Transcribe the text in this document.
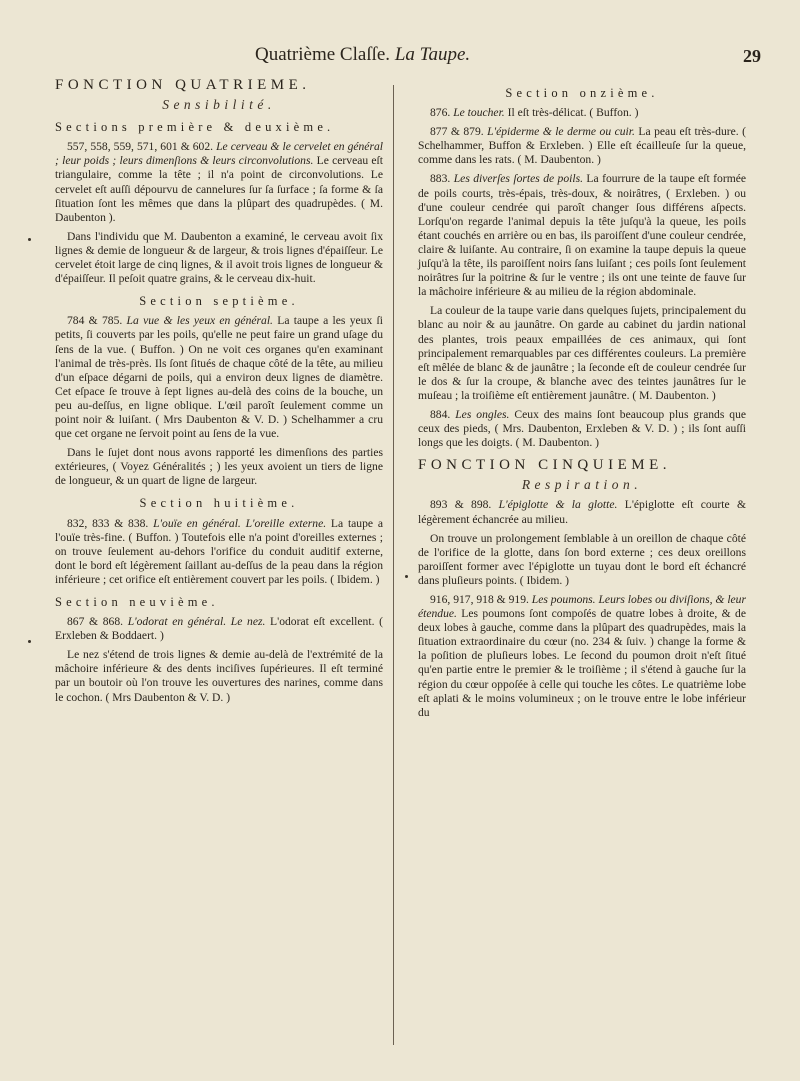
Quatrième Claſſe. La Taupe.	29
FONCTION QUATRIEME.
Sensibilité.
Sections première & deuxième.

557, 558, 559, 571, 601 & 602. Le cerveau & le cervelet en général ; leur poids ; leurs dimenſions & leurs circonvolutions. Le cerveau eſt triangulaire, comme la tête ; il n'a point de circonvolutions. Le cervelet eſt auſſi dépourvu de cannelures ſur ſa ſurface ; ſa forme & ſa ſituation ſont les mêmes que dans la plûpart des quadrupèdes. ( M. Daubenton ).

Dans l'individu que M. Daubenton a examiné, le cerveau avoit ſix lignes & demie de longueur & de largeur, & trois lignes d'épaiſſeur. Le cervelet étoit large de cinq lignes, & il avoit trois lignes de longueur & d'épaiſſeur. Il peſoit quatre grains, & le cerveau dix-huit.

Section septième.

784 & 785. La vue & les yeux en général. La taupe a les yeux ſi petits, ſi couverts par les poils, qu'elle ne peut faire un grand uſage du ſens de la vue. ( Buffon. ) On ne voit ces organes qu'en examinant l'animal de très-près. Ils ſont ſitués de chaque côté de la tête, au milieu d'un eſpace dégarni de poils, qui a environ deux lignes de diamètre. Cet eſpace ſe trouve à ſept lignes au-delà des coins de la bouche, un peu au-deſſus, en ligne oblique. L'œil paroît ſeulement comme un point noir & luiſant. ( Mrs Daubenton & V. D. ) Schelhammer a cru que cet organe ne ſervoit point au ſens de la vue.

Dans le ſujet dont nous avons rapporté les dimenſions des parties extérieures, ( Voyez Généralités ; ) les yeux avoient un tiers de ligne de longueur, & un quart de ligne de largeur.

Section huitième.

832, 833 & 838. L'ouïe en général. L'oreille externe. La taupe a l'ouïe très-fine. ( Buffon. ) Toutefois elle n'a point d'oreilles externes ; on trouve ſeulement au-dehors l'orifice du conduit auditif externe, dont le bord eſt légèrement ſaillant au-deſſus de la peau dans la région inférieure ; cet orifice eſt entièrement couvert par les poils. ( Ibidem. )

Section neuvième.

867 & 868. L'odorat en général. Le nez. L'odorat eſt excellent. ( Erxleben & Boddaert. )

Le nez s'étend de trois lignes & demie au-delà de l'extrémité de la mâchoire inférieure & des dents inciſives ſupérieures. Il eſt terminé par un boutoir où l'on trouve les ouvertures des narines, comme dans le cochon. ( Mrs Daubenton & V. D. )

Section onzième.

876. Le toucher. Il eſt très-délicat. ( Buffon. )

877 & 879. L'épiderme & le derme ou cuir. La peau eſt très-dure. ( Schelhammer, Buffon & Erxleben. ) Elle eſt écailleuſe ſur la queue, comme dans les rats. ( M. Daubenton. )

883. Les diverſes ſortes de poils. La fourrure de la taupe eſt formée de poils courts, très-épais, très-doux, & noirâtres, ( Erxleben. ) ou d'une couleur cendrée qui paroît changer ſous différens aſpects. Lorſqu'on regarde l'animal depuis la tête juſqu'à la queue, les poils étant couchés en arrière ou en bas, ils paroiſſent d'une couleur cendrée, claire & luiſante. Au contraire, ſi on examine la taupe depuis la queue juſqu'à la tête, ils paroiſſent noirs ſans luiſant ; ces poils ſont ſeulement noirâtres ſur la poitrine & ſur le ventre ; ils ont une teinte de fauve ſur la mâchoire inférieure & au milieu de la région abdominale.

La couleur de la taupe varie dans quelques ſujets, principalement du blanc au noir & au jaunâtre. On garde au cabinet du jardin national des plantes, trois peaux empaillées de ces animaux, qui ſont principalement remarquables par ces différentes couleurs. La première eſt mêlée de blanc & de jaunâtre ; la ſeconde eſt de couleur cendrée ſur le dos & ſur la croupe, & blanche avec des teintes jaunâtres ſur le muſeau ; la troiſième eſt entièrement jaunâtre. ( M. Daubenton. )

884. Les ongles. Ceux des mains ſont beaucoup plus grands que ceux des pieds, ( Mrs. Daubenton, Erxleben & V. D. ) ; ils ſont auſſi longs que les doigts. ( M. Daubenton. )

FONCTION CINQUIEME.
Respiration.

893 & 898. L'épiglotte & la glotte. L'épiglotte eſt courte & légèrement échancrée au milieu.

On trouve un prolongement ſemblable à un oreillon de chaque côté de l'orifice de la glotte, dans ſon bord externe ; ces deux oreillons paroiſſent former avec l'épiglotte un tuyau dont le bord eſt échancré dans pluſieurs points. ( Ibidem. )

916, 917, 918 & 919. Les poumons. Leurs lobes ou diviſions, & leur étendue. Les poumons ſont compoſés de quatre lobes à droite, & de deux lobes à gauche, comme dans la plûpart des quadrupèdes, mais la ſituation extraordinaire du cœur (no. 234 & ſuiv. ) change la forme & la poſition de pluſieurs lobes. Le ſecond du poumon droit n'eſt ſitué qu'en partie entre le premier & le troiſième ; il s'étend à gauche ſur la région du cœur oppoſée à celle qui touche les côtes. Le quatrième lobe eſt aplati & le moins volumineux ; on le trouve entre le lobe inférieur du
